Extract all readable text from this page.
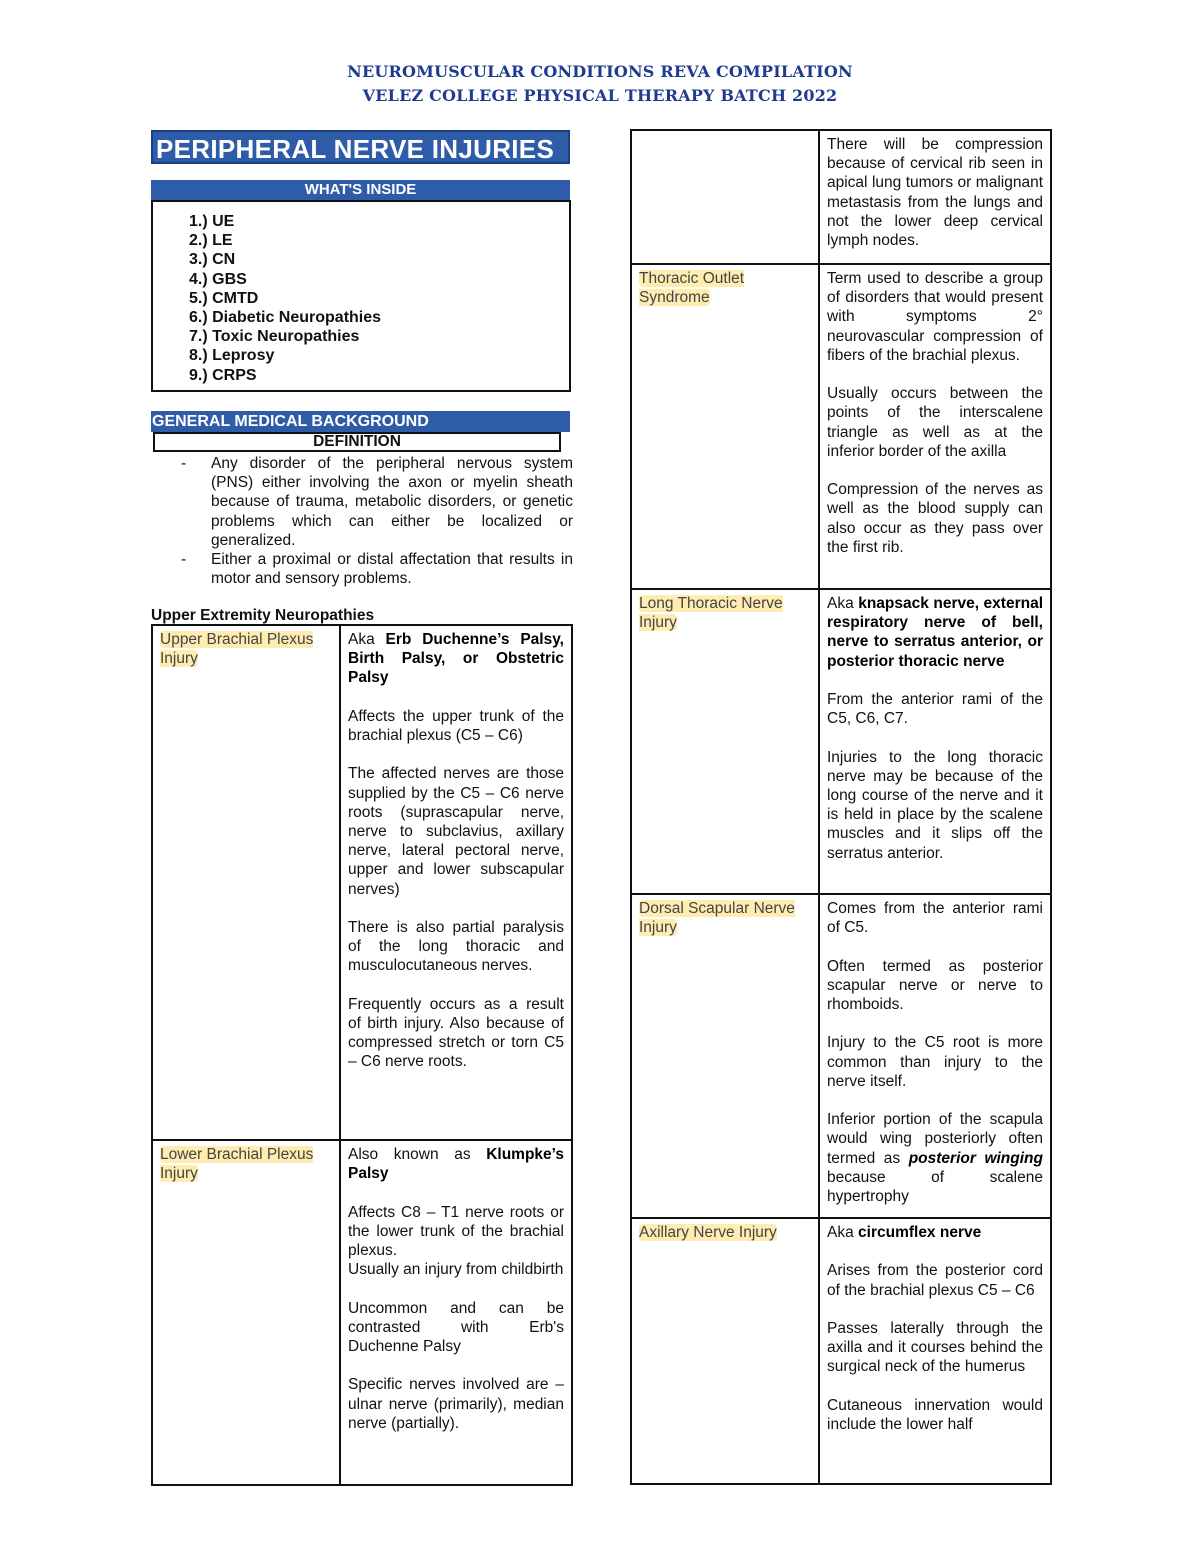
NEUROMUSCULAR CONDITIONS REVA COMPILATION
VELEZ COLLEGE PHYSICAL THERAPY BATCH 2022
PERIPHERAL NERVE INJURIES
WHAT'S INSIDE
1.) UE
2.) LE
3.) CN
4.) GBS
5.) CMTD
6.) Diabetic Neuropathies
7.) Toxic Neuropathies
8.) Leprosy
9.) CRPS
GENERAL MEDICAL BACKGROUND
DEFINITION
- Any disorder of the peripheral nervous system (PNS) either involving the axon or myelin sheath because of trauma, metabolic disorders, or genetic problems which can either be localized or generalized.
- Either a proximal or distal affectation that results in motor and sensory problems.
Upper Extremity Neuropathies
Upper Brachial Plexus Injury	Aka Erb Duchenne’s Palsy, Birth Palsy, or Obstetric Palsy

Affects the upper trunk of the brachial plexus (C5 – C6)

The affected nerves are those supplied by the C5 – C6 nerve roots (suprascapular nerve, nerve to subclavius, axillary nerve, lateral pectoral nerve, upper and lower subscapular nerves)

There is also partial paralysis of the long thoracic and musculocutaneous nerves.

Frequently occurs as a result of birth injury. Also because of compressed stretch or torn C5 – C6 nerve roots.

Lower Brachial Plexus Injury	Also known as Klumpke’s Palsy

Affects C8 – T1 nerve roots or the lower trunk of the brachial plexus.

Usually an injury from childbirth

Uncommon and can be contrasted with Erb's Duchenne Palsy

Specific nerves involved are – ulnar nerve (primarily), median nerve (partially).

	There will be compression because of cervical rib seen in apical lung tumors or malignant metastasis from the lungs and not the lower deep cervical lymph nodes.

Thoracic Outlet Syndrome	Term used to describe a group of disorders that would present with symptoms 2° neurovascular compression of fibers of the brachial plexus.

Usually occurs between the points of the interscalene triangle as well as at the inferior border of the axilla

Compression of the nerves as well as the blood supply can also occur as they pass over the first rib.

Long Thoracic Nerve Injury	Aka knapsack nerve, external respiratory nerve of bell, nerve to serratus anterior, or posterior thoracic nerve

From the anterior rami of the C5, C6, C7.

Injuries to the long thoracic nerve may be because of the long course of the nerve and it is held in place by the scalene muscles and it slips off the serratus anterior.

Dorsal Scapular Nerve Injury	Comes from the anterior rami of C5.

Often termed as posterior scapular nerve or nerve to rhomboids.

Injury to the C5 root is more common than injury to the nerve itself.

Inferior portion of the scapula would wing posteriorly often termed as posterior winging because of scalene hypertrophy

Axillary Nerve Injury	Aka circumflex nerve

Arises from the posterior cord of the brachial plexus C5 – C6

Passes laterally through the axilla and it courses behind the surgical neck of the humerus

Cutaneous innervation would include the lower half
